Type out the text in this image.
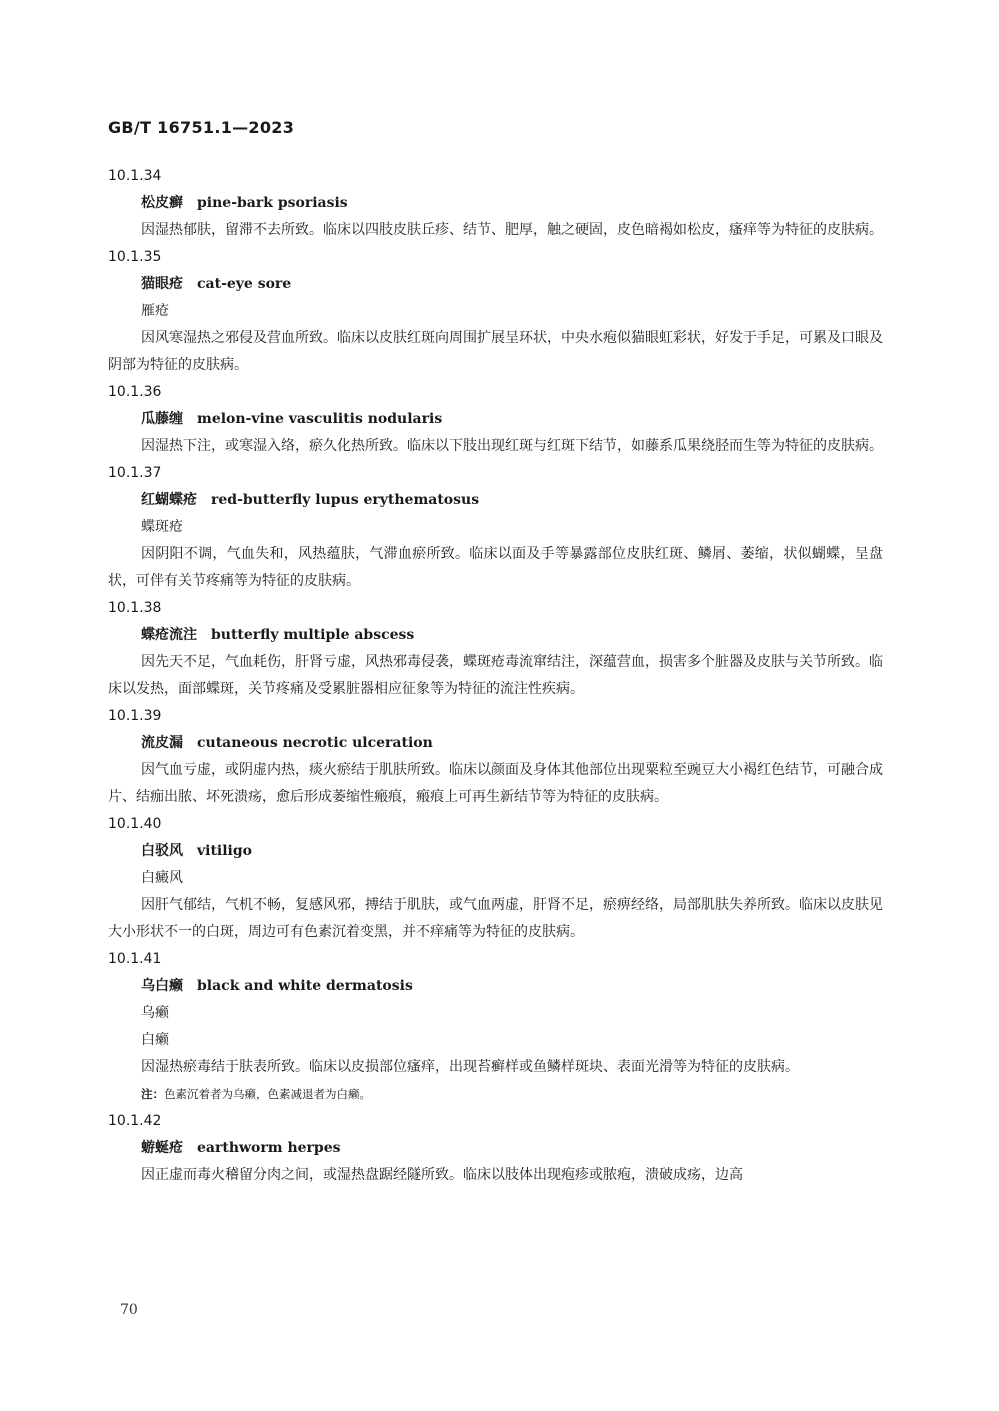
GB/T 16751.1—2023
10.1.34
松皮癣 pine-bark psoriasis

因湿热郁肤，留滞不去所致。临床以四肢皮肤丘疹、结节、肥厚，触之硬固，皮色暗褐如松皮，瘙痒等为特征的皮肤病。

10.1.35
猫眼疮 cat-eye sore
雁疮

因风寒湿热之邪侵及营血所致。临床以皮肤红斑向周围扩展呈环状，中央水疱似猫眼虹彩状，好发于手足，可累及口眼及阴部为特征的皮肤病。

10.1.36
瓜藤缠 melon-vine vasculitis nodularis

因湿热下注，或寒湿入络，瘀久化热所致。临床以下肢出现红斑与红斑下结节，如藤系瓜果绕胫而生等为特征的皮肤病。

10.1.37
红蝴蝶疮 red-butterfly lupus erythematosus
蝶斑疮

因阴阳不调，气血失和，风热蕴肤，气滞血瘀所致。临床以面及手等暴露部位皮肤红斑、鳞屑、萎缩，状似蝴蝶，呈盘状，可伴有关节疼痛等为特征的皮肤病。

10.1.38
蝶疮流注 butterfly multiple abscess

因先天不足，气血耗伤，肝肾亏虚，风热邪毒侵袭，蝶斑疮毒流窜结注，深蕴营血，损害多个脏器及皮肤与关节所致。临床以发热，面部蝶斑，关节疼痛及受累脏器相应征象等为特征的流注性疾病。

10.1.39
流皮漏 cutaneous necrotic ulceration

因气血亏虚，或阴虚内热，痰火瘀结于肌肤所致。临床以颜面及身体其他部位出现粟粒至豌豆大小褐红色结节，可融合成片、结痂出脓、坏死溃疡，愈后形成萎缩性瘢痕，瘢痕上可再生新结节等为特征的皮肤病。

10.1.40
白驳风 vitiligo
白癜风

因肝气郁结，气机不畅，复感风邪，搏结于肌肤，或气血两虚，肝肾不足，瘀痹经络，局部肌肤失养所致。临床以皮肤见大小形状不一的白斑，周边可有色素沉着变黑，并不痒痛等为特征的皮肤病。

10.1.41
乌白癞 black and white dermatosis
乌癞
白癞

因湿热瘀毒结于肤表所致。临床以皮损部位瘙痒，出现苔癣样或鱼鳞样斑块、表面光滑等为特征的皮肤病。

注：色素沉着者为乌癞，色素减退者为白癞。
10.1.42
蝣蜒疮 earthworm herpes

因正虚而毒火稽留分肉之间，或湿热盘踞经隧所致。临床以肢体出现疱疹或脓疱，溃破成疡，边高

70
